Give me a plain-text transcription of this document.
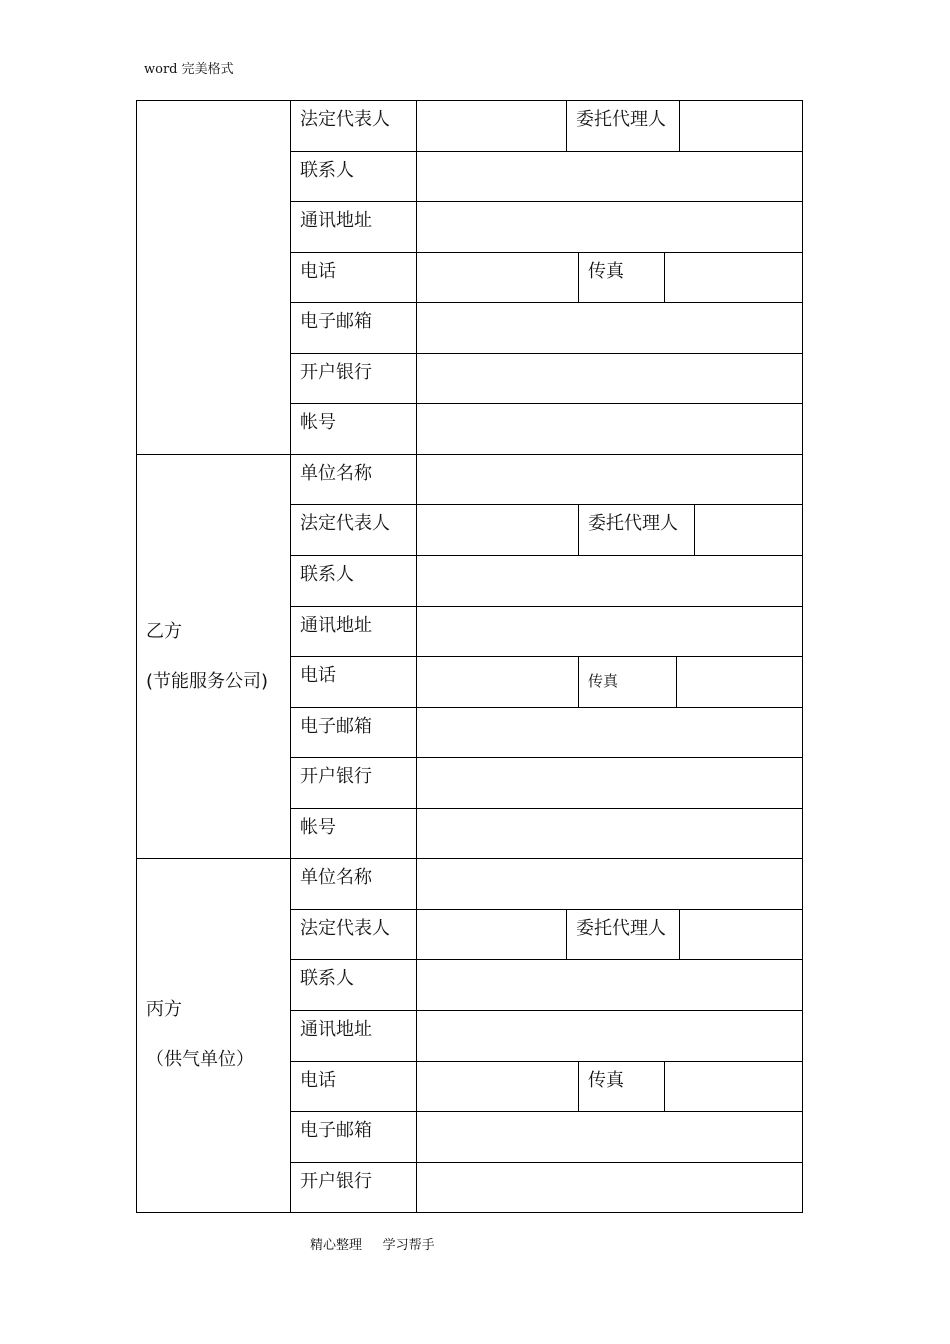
word 完美格式
法定代表人	委托代理人
联系人
通讯地址
电话	传真
电子邮箱
开户银行
帐号
乙方
(节能服务公司)
单位名称
法定代表人	委托代理人
联系人
通讯地址
电话	传真
电子邮箱
开户银行
帐号
丙方
（供气单位）
单位名称
法定代表人	委托代理人
联系人
通讯地址
电话	传真
电子邮箱
开户银行
精心整理     学习帮手
